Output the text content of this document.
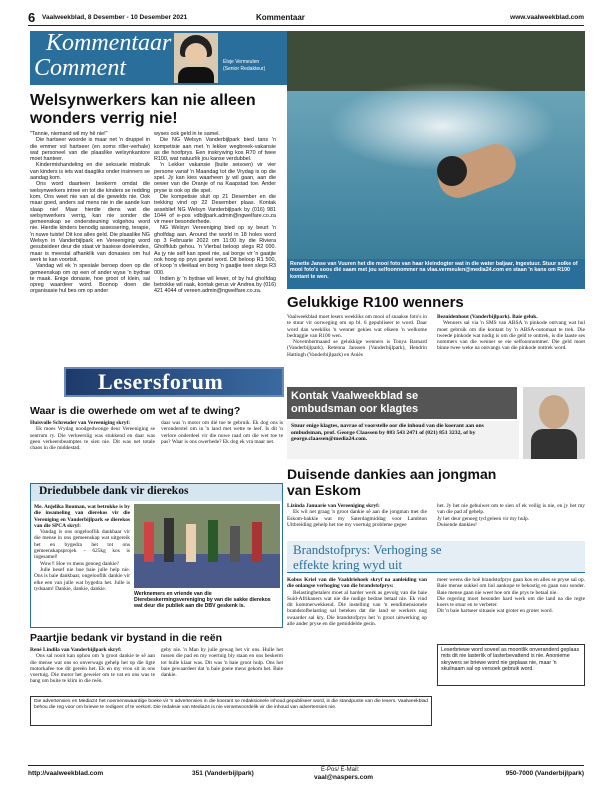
6 Vaalweekblad, 8 Desember - 10 Desember 2021	Kommentaar	www.vaalweekblad.com
Kommentaar
Comment	Elsje Vermeulen
(Senior Redakteur)
Welsynwerkers kan nie alleen
wonders verrig nie!

"Tannie, niemand wil my hê nie!"

Die hartseer woorde is maar net 'n druppel in die emmer vol hartseer (en soms riller-verhale) wat personeel van die plaaslike welsynkantore moet hanteer.

Kindermishandeling en die seksuele misbruik van kinders is iets wat daagliks onder insinners se aandag kom.

Ons word daarteen beskerm omdat die welsynwerkers intree en tot die kinders se redding kom. Ons weet nie van al die gewelds nie. Ook maar goed, anders sal mens nie in die aande kan slaap nie! Maar hierdie diens wat die welsynwerkers verrig, kan nie sonder die gemeenskap se ondersteuning volgehou word nie. Hierdie kinders benodig assessering, terapie, 'n nuwe tuiste! Dit kos alles geld. Die plaaslike NG Welsyn in Vanderbijlpark en Vereeniging word gesubsideer deur die staat vir basiese doeleindes, maar is meestal afhanklik van donasies om hul werk te kan voortsit.

Vandag wil ek 'n spesiale beroep doen op die gemeenskap om op een of ander wyse 'n bydrae te maak. Enige donasie, hoe groot of klein, sal opreg waardeer word. Boonop doen die organisasie hul bes om op ander

wyses ook geld in te samel.

Die NG Welsyn Vanderbijlpark bied tans 'n kompetisie aan met 'n lekker wegbreek-vakansie as die hoofprys. Een inskrywing kos R70 of twee R100, wat natuurlik jou kanse verdubbel.

'n Lekker vakansie (buite seisoen) vir vier persone vanaf 'n Maandag tot die Vrydag is op die spel. Jy kan kies waarheen jy wil gaan, aan die oewer van die Oranje of na Kaapstad toe. Ander prysе is ook op die spel.

Die kompetisie sluit op 21 Desember en die trekking vind op 22 Desember plaas. Kontak asseblief NG Welsyn Vanderbijlpark by (016) 981 1044 of e-pos vdbijlpark.admin@ngwelfare.co.za vir meer besonderhede.

NG Welsyn Vereeniging bied op sy beurt 'n gholfdag aan. Around the world in 18 holes word op 3 Februarie 2022 om 11:00 by die Riviera Gholfklub gehou. 'n Vierbal beloop slegs R2 000. As jy nie self kan speel nie, sal borge vir 'n gaatjie ook hoog op prys gestel word. Dit beloop R1 500, of koop 'n vlieëlaal en borg 'n gaatjie teen slegs R3 000.

Indien jy 'n bydrae wil lewer, of by hul gholfdag betrokke wil raak, kontak gerus vir Andrea by (016) 421 4044 of vereen.admin@ngwelfare.co.za.

Renette Janse van Vuuren het die mooi foto van haar kleindogter wat in die water baljaar, ingestuur. Stuur solke of mooi foto's soos dié saam met jou selfoonnommer na vlaa.vermeulen@media24.com en staan 'n kans om R100 kontant te wen.
Gelukkige R100 wenners

Vaalweekblad moet lesers weekliks om mooi of snaakse foto's in te stuur vir oorweging om op bl. 6 gepubliseer te word. Daar word dan weekliks 'n wenner gekies wat elkeen 'n welkome bedraggie van R100 wen.

Novembermaand se gelukkige wenners is Tonya Barnard (Vanderbijlpark), Retenna Janssen (Vanderbijlpark), Hendrin Hattingh (Vanderbijlpark) en Aniès

Bezuidenhout (Vanderbijlpark). Baie geluk.

Wenners sal via 'n SMS van ABSA 'n pinkode ontvang wat hul moet gebruik om die kontant by 'n ABSA-outomaat te trek. Die tweede pinkode wat nodig is om die geld te onttrek, is die laaste ses nommers van die wenner se eie selfoonnommer. Die geld moet binne twee weke na ontvangs van die pinkode onttrek word.

Lesersforum
Waar is die owerhede om wet af te dwing?

Huisvolle Schreuder van Vereeniging skryf:

Ek moes Vrydag noodgedwonge deur Vereeniging se sentrum ry. Die verkeerslig was stukkend en daar was geen verkeersbeamptes te sien nie. Dit was net totale chaos in die middestad.

daar was 'n motor om dié toe te gebruik. Ek dog ons is veronderstel om in 'n land met wette te leef. Is dit 'n verlore onderdeel vir die nuwe raad om die wet toe te pas? Waar is ons owerhede? Ek dog ek vra maar net.

Kontak Vaalweekblad se
ombudsman oor klagtes
Stuur enige klagtes, navrae of voorstelle oor die inhoud van die koerant aan ons ombudsman, prof. George Claassen by 083 543 2471 of (021) 851 3232, of by george.claassen@media24.com.
Driedubbele dank vir dierekos

Me. Anjelika Bouman, wat betrokke is by die insameling van dierekos vir die Vereniging en Vanderbijlpark se dierekos van die SPCA skryf:

Vandag is ons ongelooflik dankbaar vir die mense in ons gemeenskap wat uitgereik het en bygedra het tot ons gemeenskapsprojek – 625kg kos is ingesamel!

Wow!! Hoe vs mens genoeg dankie?

Julle besef nie hoe baie julle help nie. Ons is baie dankbaar, ongelooflik dankie vir elke een van julle wat bygedra het. Julle is tydsaam! Dankie, dankie, dankie.

Werknemers en vriende van die Dierebeskermingsvereniging by van die sakke dierekos wat deur die publiek aan die DBV geskenk is.
Duisende dankies aan jongman
van Eskom

Lizinda Januarie van Vereeniging skryf:

Ek wil net graag 'n groot dankie sê aan die jongman met die Eskom-bakkie wat my Saterdagmiddag voor Lambton Uitbreiding gehelp het toe my voertuig probleme gegee

het. Jy het nie gehuiwer om te sien of ek veilig is nie, en jy het my van die pad af gehelp.
Jy het deur genoeg tyd geleen vir my hulp.
Duisende dankies!

Brandstofprys: Verhoging se
effekte kring wyd uit

Kobus Kriel van die Vaaldriehoek skryf na aanleiding van die onlangse verhoging van die brandstofprys:

Belastingbetalers moet al harder werk as gevolg van die baie Suid-Afrikaners wat nie die nodige bedrae betaal nie. Ek vind dit kommerwekkend. Die instelling van 'n eendimensionele brandstofbelasting sal beteken dat die land se werkers nog swaarder sal kry. Die brandstofprys het 'n groot uitwerking op alle ander pryse en die gemiddelde gesin.

meer weens die hoë brandstofprys gaan kos en alles se pryse sal op. Baie mense sukkel om hul aankope te bekostig en gaan nou sonder. Baie mense gaan nie weet hoe om die prys te betaal nie.
Die regering moet besonder hard werk om die land na die regte koers te stuur en te verbeter.
Dit 'n baie hartseer situasie wat groter en groter word.

Leserbriewe word soveel as moontlik onveranderd geplaas mits dit nie lasterlik of lasterbevattend is nie. Anonieme skrywers se briewe word nie geplaas nie, maar 'n skuilnaam sal op versoek gebruik word.
Paartjie bedank vir bystand in die reën

René Lindila van Vanderbijlpark skryf:

Ons sal nooit kan ophou om 'n groot dankie te sê aan die mense wat ons so onverwags gehelp het op die ligte motorkafee toe dit gereën het. Ek en my vrou sit in ons voertuig. Die motor het geweier om te vat en ons was te bang om buite te klim in die reën.

geby nie. 'n Man by julle gewag het vir ons. Hulle het tussen die pad en my voertuig bly staan en ons beskerm tot hulle klaar was. Dit was 'n baie groot hulp. Ons het baie gewaardeer dat 'n baie goeie mens gekom het. Baie dankie.

Die advertensies en Media24 het noemenswaardige boeke vir 'n advertensies in die koerant se redaksionele inhoud gepubliseer word, is die standpunte van die lesers. Vaalweekblad behou die reg voor om briewe te redigeer of te verkort. Die redaksie van Media24 is nie verantwoordelik vir die inhoud van advertensies nie.
http://vaalweekblad.com	351 (Vanderbijlpark)	E-Pos/ E-Mail:
vaal@naspers.com
950-7000 (Vanderbijlpark)
